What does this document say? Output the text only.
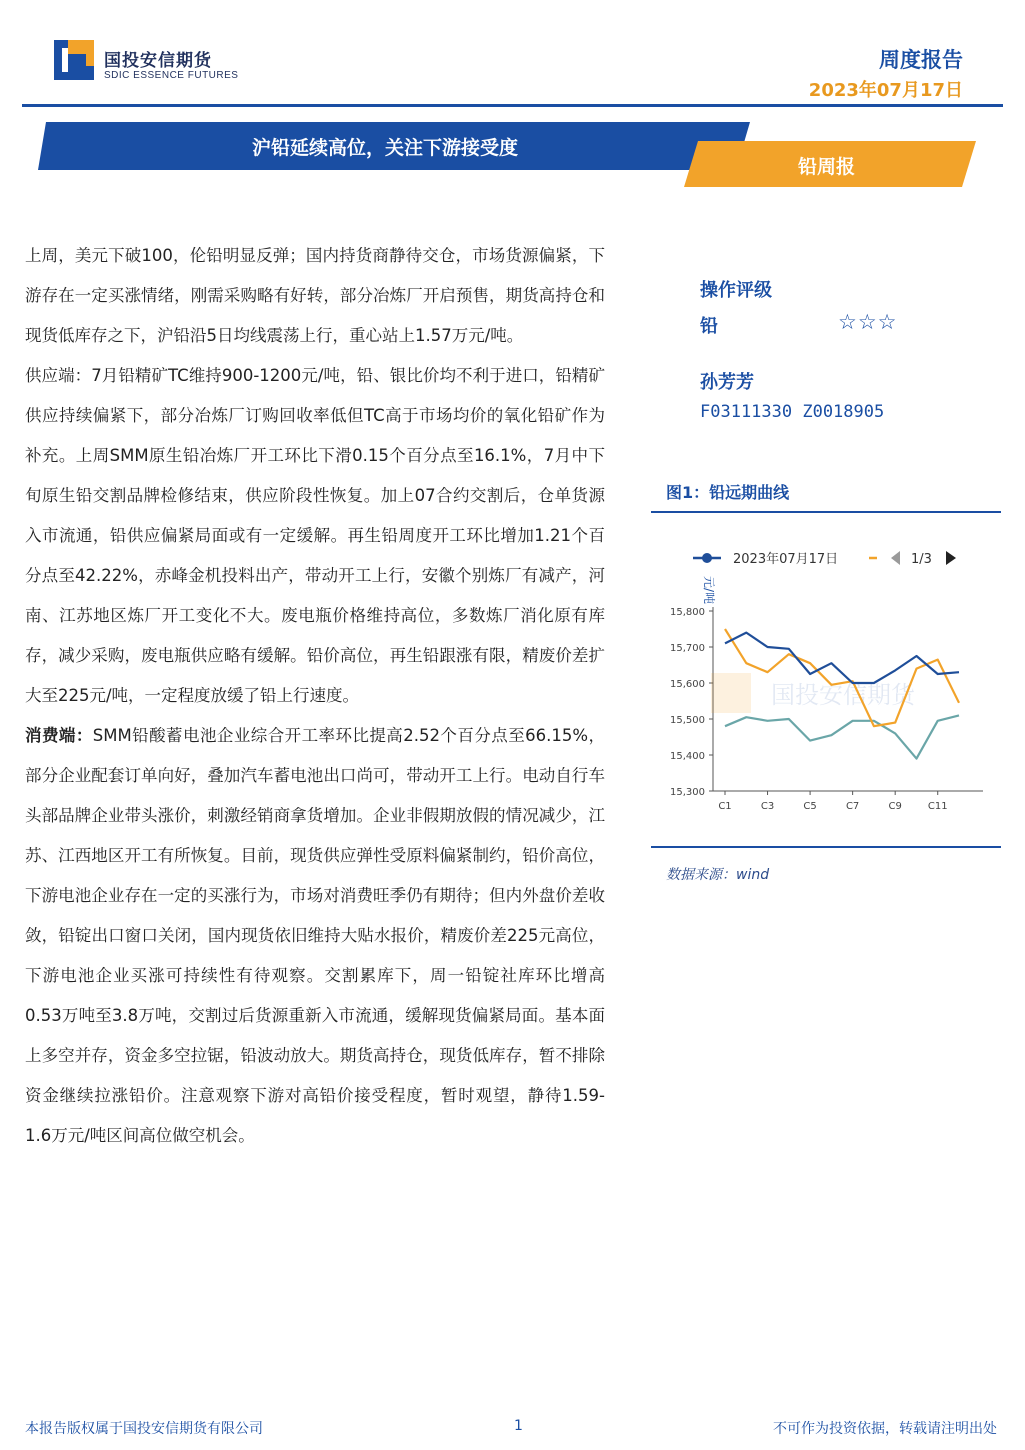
国投安信期货
SDIC ESSENCE FUTURES
周度报告
2023年07月17日
沪铅延续高位，关注下游接受度
铅周报

上周，美元下破100，伦铅明显反弹；国内持货商静待交仓，市场货源偏紧，下游存在一定买涨情绪，刚需采购略有好转，部分冶炼厂开启预售，期货高持仓和现货低库存之下，沪铅沿5日均线震荡上行，重心站上1.57万元/吨。

供应端：7月铅精矿TC维持900-1200元/吨，铅、银比价均不利于进口，铅精矿供应持续偏紧下，部分冶炼厂订购回收率低但TC高于市场均价的氧化铅矿作为补充。上周SMM原生铅冶炼厂开工环比下滑0.15个百分点至16.1%，7月中下旬原生铅交割品牌检修结束，供应阶段性恢复。加上07合约交割后，仓单货源入市流通，铅供应偏紧局面或有一定缓解。再生铅周度开工环比增加1.21个百分点至42.22%，赤峰金机投料出产，带动开工上行，安徽个别炼厂有减产，河南、江苏地区炼厂开工变化不大。废电瓶价格维持高位，多数炼厂消化原有库存，减少采购，废电瓶供应略有缓解。铅价高位，再生铅跟涨有限，精废价差扩大至225元/吨，一定程度放缓了铅上行速度。

消费端：SMM铅酸蓄电池企业综合开工率环比提高2.52个百分点至66.15%，部分企业配套订单向好，叠加汽车蓄电池出口尚可，带动开工上行。电动自行车头部品牌企业带头涨价，刺激经销商拿货增加。企业非假期放假的情况减少，江苏、江西地区开工有所恢复。目前，现货供应弹性受原料偏紧制约，铅价高位，下游电池企业存在一定的买涨行为，市场对消费旺季仍有期待；但内外盘价差收敛，铅锭出口窗口关闭，国内现货依旧维持大贴水报价，精废价差225元高位，下游电池企业买涨可持续性有待观察。交割累库下，周一铅锭社库环比增高0.53万吨至3.8万吨，交割过后货源重新入市流通，缓解现货偏紧局面。基本面上多空并存，资金多空拉锯，铅波动放大。期货高持仓，现货低库存，暂不排除资金继续拉涨铅价。注意观察下游对高铅价接受程度，暂时观望，静待1.59-1.6万元/吨区间高位做空机会。

操作评级
铅	☆☆☆
孙芳芳
F03111330 Z0018905
图1：铅远期曲线
2023年07月17日	1/3
元/吨
15,800
15,700
15,600
15,500
15,400
15,300
C1	C3	C5	C7	C9	C11
国投安信期货
数据来源：wind
本报告版权属于国投安信期货有限公司	1	不可作为投资依据，转载请注明出处
